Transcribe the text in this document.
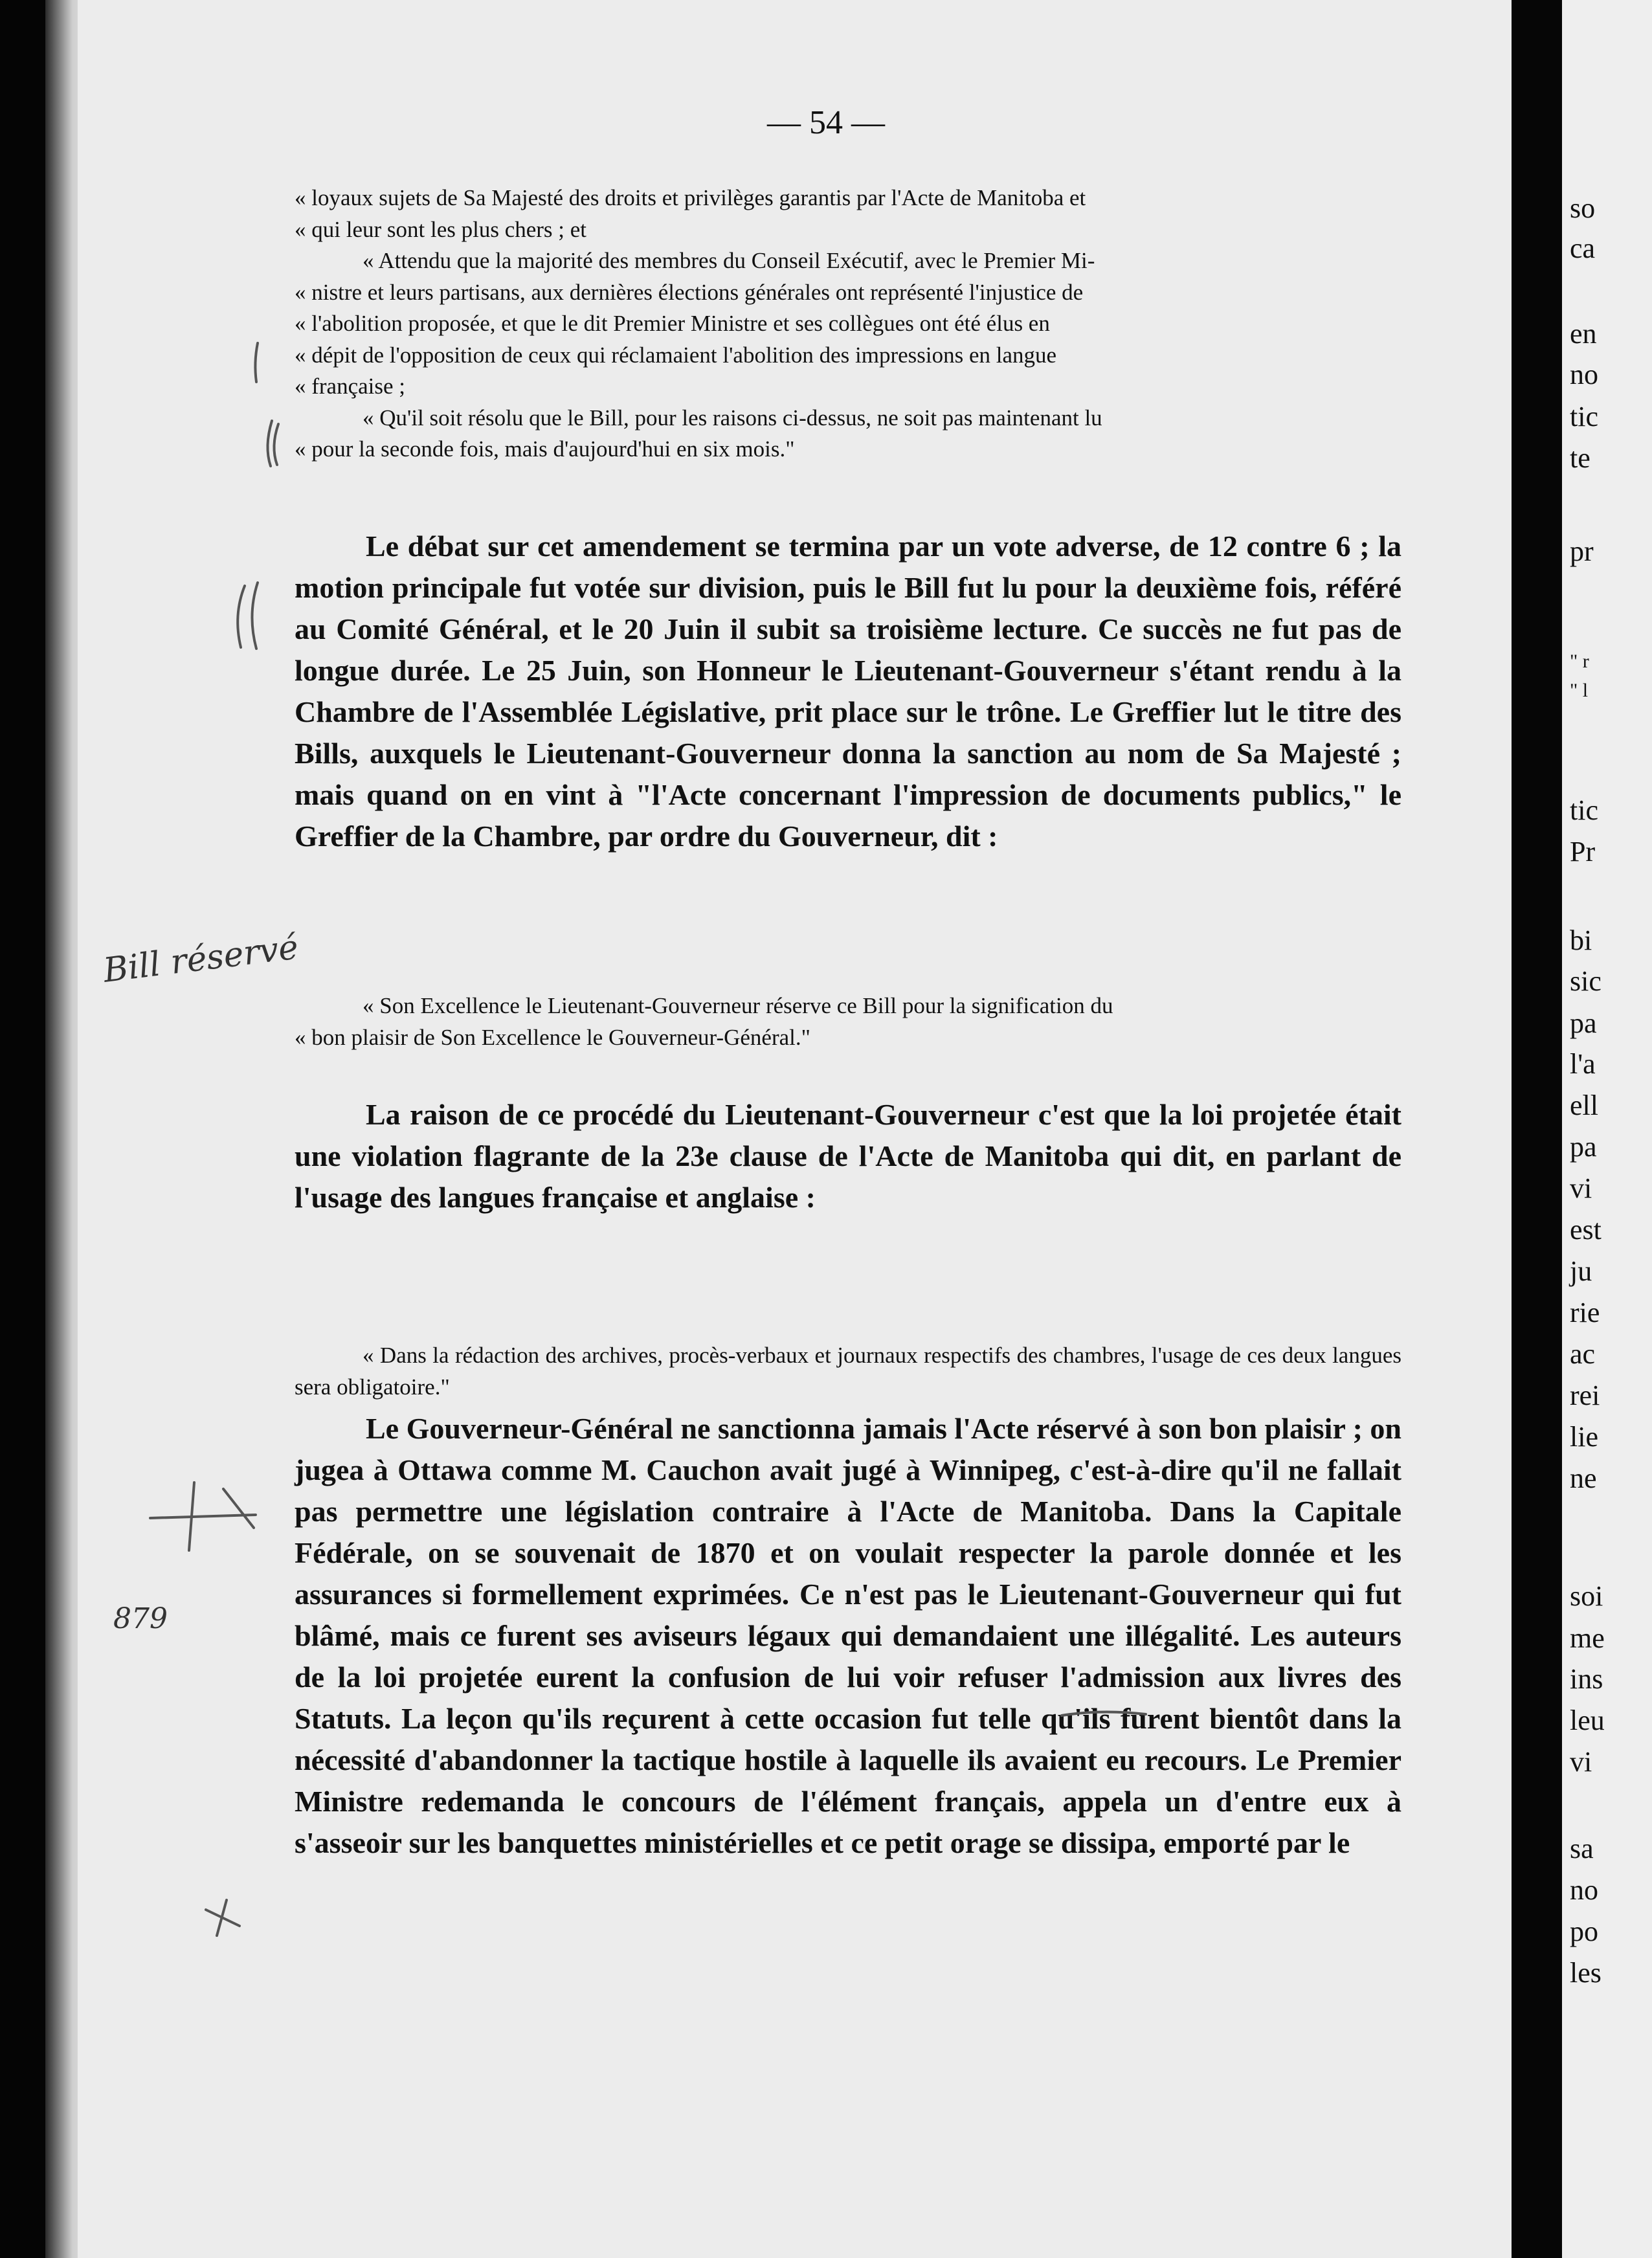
so
ca
en
no
tic
te
pr
" r
" l
tic
Pr
bi
sic
pa
l'a
ell
pa
vi
est
ju
rie
ac
rei
lie
ne
soi
me
ins
leu
vi
sa
no
po
les
— 54 —

« loyaux sujets de Sa Majesté des droits et privilèges garantis par l'Acte de Manitoba et

« qui leur sont les plus chers ; et

« Attendu que la majorité des membres du Conseil Exécutif, avec le Premier Mi-

« nistre et leurs partisans, aux dernières élections générales ont représenté l'injustice de

« l'abolition proposée, et que le dit Premier Ministre et ses collègues ont été élus en

« dépit de l'opposition de ceux qui réclamaient l'abolition des impressions en langue

« française ;

« Qu'il soit résolu que le Bill, pour les raisons ci-dessus, ne soit pas maintenant lu

« pour la seconde fois, mais d'aujourd'hui en six mois."

Le débat sur cet amendement se termina par un vote adverse, de 12 contre 6 ; la motion principale fut votée sur division, puis le Bill fut lu pour la deuxième fois, référé au Comité Général, et le 20 Juin il subit sa troisième lecture. Ce succès ne fut pas de longue durée. Le 25 Juin, son Honneur le Lieutenant-Gouverneur s'étant rendu à la Chambre de l'Assemblée Législative, prit place sur le trône. Le Greffier lut le titre des Bills, auxquels le Lieutenant-Gouverneur donna la sanction au nom de Sa Majesté ; mais quand on en vint à "l'Acte concernant l'impression de documents publics," le Greffier de la Chambre, par ordre du Gouverneur, dit :

« Son Excellence le Lieutenant-Gouverneur réserve ce Bill pour la signification du

« bon plaisir de Son Excellence le Gouverneur-Général."

La raison de ce procédé du Lieutenant-Gouverneur c'est que la loi projetée était une violation flagrante de la 23e clause de l'Acte de Manitoba qui dit, en parlant de l'usage des langues française et anglaise :

« Dans la rédaction des archives, procès-verbaux et journaux respectifs des chambres, l'usage de ces deux langues sera obligatoire."

Le Gouverneur-Général ne sanctionna jamais l'Acte réservé à son bon plaisir ; on jugea à Ottawa comme M. Cauchon avait jugé à Winnipeg, c'est-à-dire qu'il ne fallait pas permettre une législation contraire à l'Acte de Manitoba. Dans la Capitale Fédérale, on se souvenait de 1870 et on voulait respecter la parole donnée et les assurances si formellement exprimées. Ce n'est pas le Lieutenant-Gouverneur qui fut blâmé, mais ce furent ses aviseurs légaux qui demandaient une illégalité. Les auteurs de la loi projetée eurent la confusion de lui voir refuser l'admission aux livres des Statuts. La leçon qu'ils reçurent à cette occasion fut telle qu'ils furent bientôt dans la nécessité d'abandonner la tactique hostile à laquelle ils avaient eu recours. Le Premier Ministre redemanda le concours de l'élément français, appela un d'entre eux à s'asseoir sur les banquettes ministérielles et ce petit orage se dissipa, emporté par le

Bill réservé
879
